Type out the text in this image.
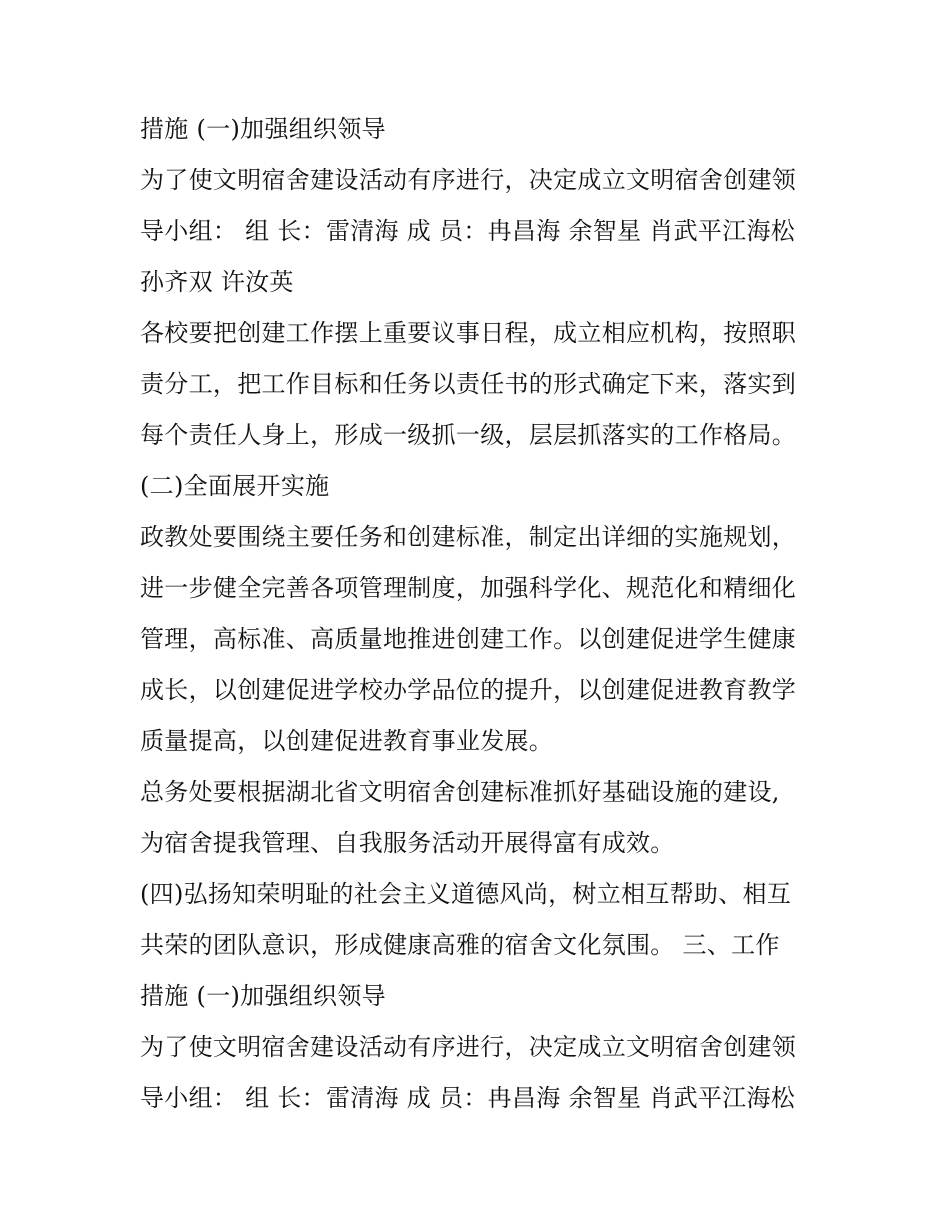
措施 (一)加强组织领导
为了使文明宿舍建设活动有序进行，决定成立文明宿舍创建领
导小组： 组 长：雷清海 成 员：冉昌海 余智星 肖武平江海松
孙齐双 许汝英
各校要把创建工作摆上重要议事日程，成立相应机构，按照职
责分工，把工作目标和任务以责任书的形式确定下来，落实到
每个责任人身上，形成一级抓一级，层层抓落实的工作格局。
(二)全面展开实施
政教处要围绕主要任务和创建标准，制定出详细的实施规划，
进一步健全完善各项管理制度，加强科学化、规范化和精细化
管理，高标准、高质量地推进创建工作。以创建促进学生健康
成长，以创建促进学校办学品位的提升，以创建促进教育教学
质量提高，以创建促进教育事业发展。
总务处要根据湖北省文明宿舍创建标准抓好基础设施的建设,
为宿舍提我管理、自我服务活动开展得富有成效。
(四)弘扬知荣明耻的社会主义道德风尚，树立相互帮助、相互
共荣的团队意识，形成健康高雅的宿舍文化氛围。 三、工作
措施 (一)加强组织领导
为了使文明宿舍建设活动有序进行，决定成立文明宿舍创建领
导小组： 组 长：雷清海 成 员：冉昌海 余智星 肖武平江海松
